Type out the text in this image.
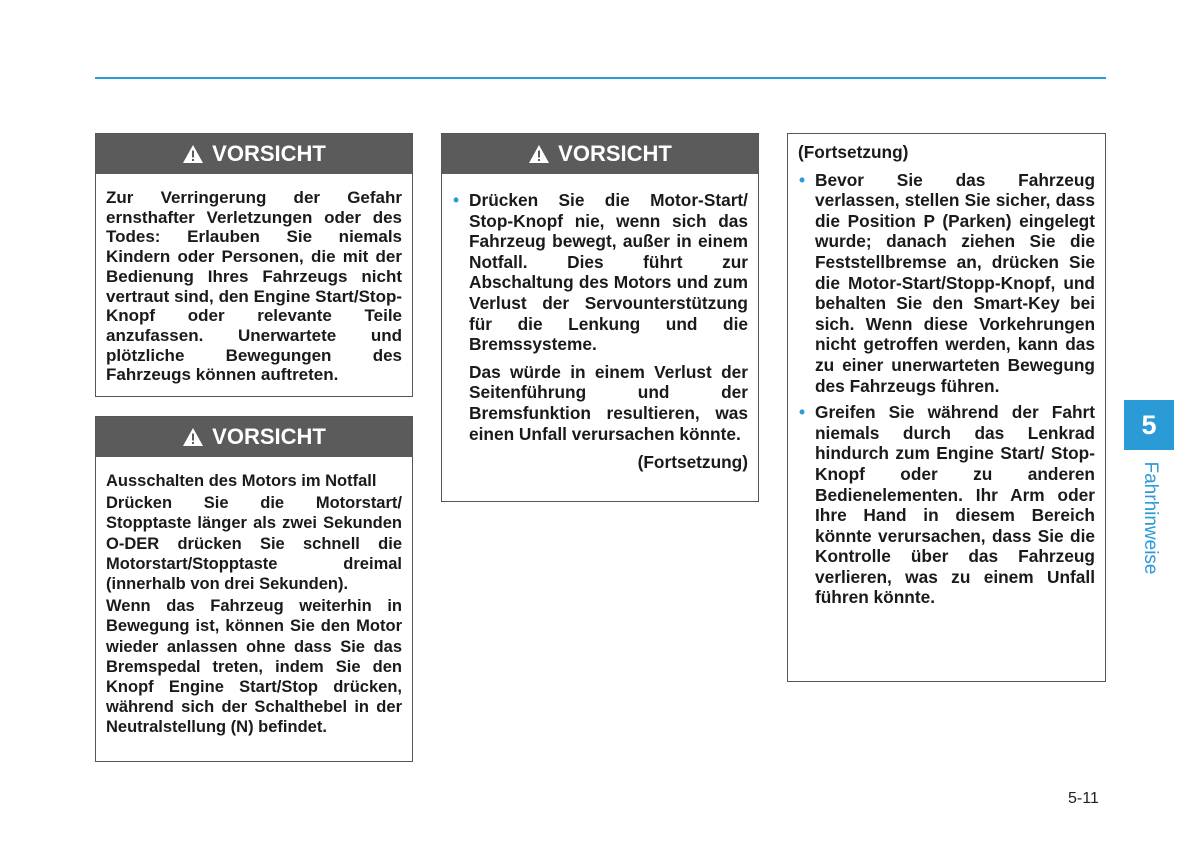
VORSICHT
Zur Verringerung der Gefahr ernsthafter Verletzungen oder des Todes: Erlauben Sie niemals Kindern oder Personen, die mit der Bedienung Ihres Fahrzeugs nicht vertraut sind, den Engine Start/Stop-Knopf oder relevante Teile anzufassen. Unerwartete und plötzliche Bewegungen des Fahrzeugs können auftreten.
VORSICHT
Ausschalten des Motors im Notfall

Drücken Sie die Motorstart/ Stopptaste länger als zwei Sekunden O-DER drücken Sie schnell die Motorstart/Stopptaste dreimal (innerhalb von drei Sekunden).

Wenn das Fahrzeug weiterhin in Bewegung ist, können Sie den Motor wieder anlassen ohne dass Sie das Bremspedal treten, indem Sie den Knopf Engine Start/Stop drücken, während sich der Schalthebel in der Neutralstellung (N) befindet.

VORSICHT
• Drücken Sie die Motor-Start/ Stop-Knopf nie, wenn sich das Fahrzeug bewegt, außer in einem Notfall. Dies führt zur Abschaltung des Motors und zum Verlust der Servounterstützung für die Lenkung und die Bremssysteme.

Das würde in einem Verlust der Seitenführung und der Bremsfunktion resultieren, was einen Unfall verursachen könnte.

(Fortsetzung)
(Fortsetzung)
• Bevor Sie das Fahrzeug verlassen, stellen Sie sicher, dass die Position P (Parken) eingelegt wurde; danach ziehen Sie die Feststellbremse an, drücken Sie die Motor-Start/Stopp-Knopf, und behalten Sie den Smart-Key bei sich. Wenn diese Vorkehrungen nicht getroffen werden, kann das zu einer unerwarteten Bewegung des Fahrzeugs führen.
• Greifen Sie während der Fahrt niemals durch das Lenkrad hindurch zum Engine Start/ Stop-Knopf oder zu anderen Bedienelementen. Ihr Arm oder Ihre Hand in diesem Bereich könnte verursachen, dass Sie die Kontrolle über das Fahrzeug verlieren, was zu einem Unfall führen könnte.
5
Fahrhinweise
5-11
